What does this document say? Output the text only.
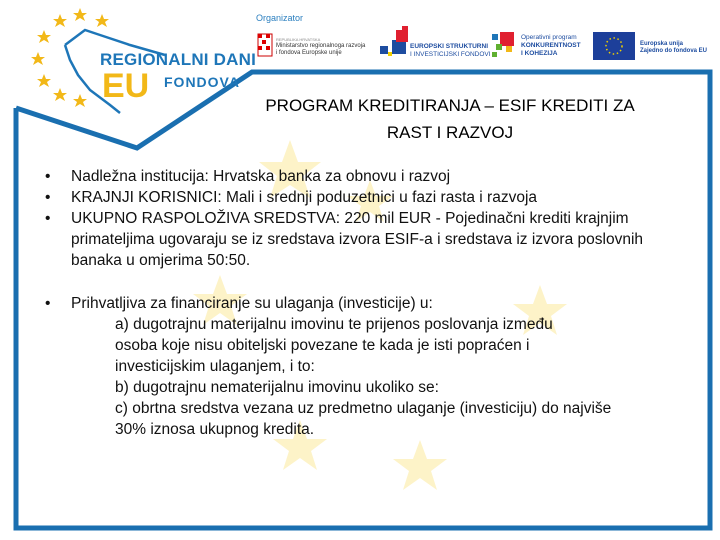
REGIONALNI DANI
EU FONDOVA
Organizator
REPUBLIKA HRVATSKA
Ministarstvo regionalnoga razvoja
i fondova Europske unije
EUROPSKI STRUKTURNI
I INVESTICIJSKI FONDOVI
Operativni program
KONKURENTNOST
I KOHEZIJA
Europska unija
Zajedno do fondova EU
PROGRAM KREDITIRANJA – ESIF KREDITI ZA
RAST I RAZVOJ
• Nadležna institucija: Hrvatska banka za obnovu i razvoj
• KRAJNJI KORISNICI: Mali i srednji poduzetnici u fazi rasta i razvoja
• UKUPNO RASPOLOŽIVA SREDSTVA: 220 mil EUR - Pojedinačni krediti krajnjim primateljima ugovaraju se iz sredstava izvora ESIF-a i sredstava iz izvora poslovnih banaka u omjerima 50:50.
• Prihvatljiva za financiranje su ulaganja (investicije) u:
a) dugotrajnu materijalnu imovinu te prijenos poslovanja između osoba koje nisu obiteljski povezane te kada je isti popraćen i investicijskim ulaganjem, i to:
b) dugotrajnu nematerijalnu imovinu ukoliko se:
c) obrtna sredstva vezana uz predmetno ulaganje (investiciju) do najviše 30% iznosa ukupnog kredita.
